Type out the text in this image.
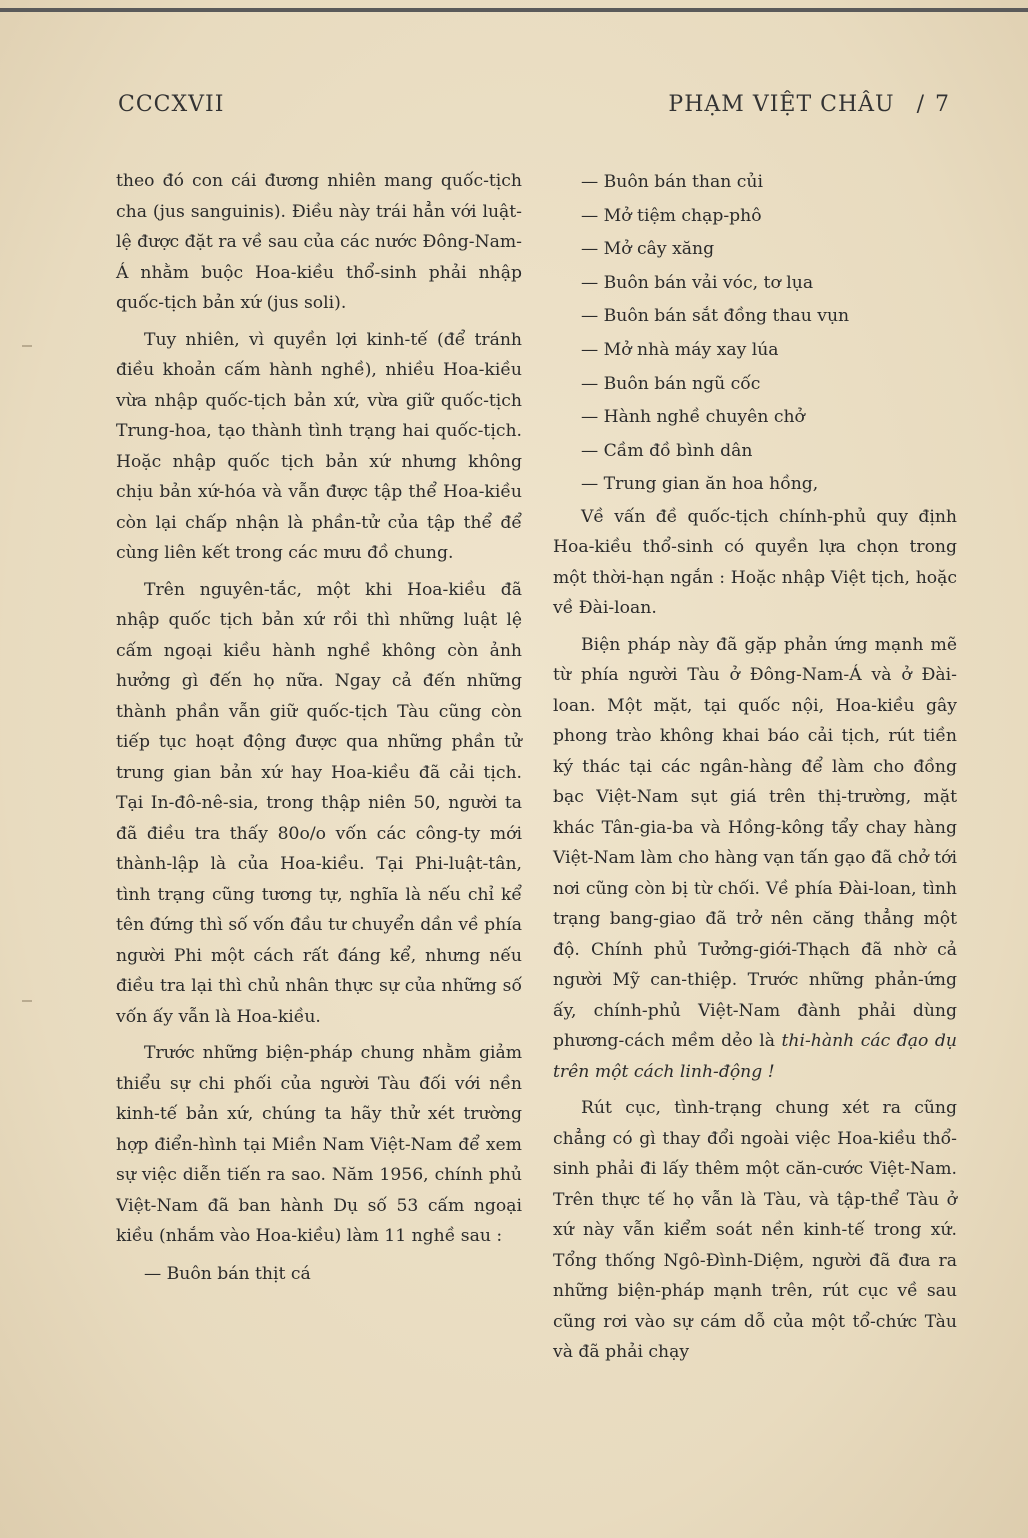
CCCXVII	PHẠM VIỆT CHÂU / 7

theo đó con cái đương nhiên mang quốc-tịch cha (jus sanguinis). Điều này trái hẳn với luật-lệ được đặt ra về sau của các nước Đông-Nam-Á nhằm buộc Hoa-kiều thổ-sinh phải nhập quốc-tịch bản xứ (jus soli).

Tuy nhiên, vì quyền lợi kinh-tế (để tránh điều khoản cấm hành nghề), nhiều Hoa-kiều vừa nhập quốc-tịch bản xứ, vừa giữ quốc-tịch Trung-hoa, tạo thành tình trạng hai quốc-tịch. Hoặc nhập quốc tịch bản xứ nhưng không chịu bản xứ-hóa và vẫn được tập thể Hoa-kiều còn lại chấp nhận là phần-tử của tập thể để cùng liên kết trong các mưu đồ chung.

Trên nguyên-tắc, một khi Hoa-kiều đã nhập quốc tịch bản xứ rồi thì những luật lệ cấm ngoại kiều hành nghề không còn ảnh hưởng gì đến họ nữa. Ngay cả đến những thành phần vẫn giữ quốc-tịch Tàu cũng còn tiếp tục hoạt động được qua những phần tử trung gian bản xứ hay Hoa-kiều đã cải tịch. Tại In-đô-nê-sia, trong thập niên 50, người ta đã điều tra thấy 80o/o vốn các công-ty mới thành-lập là của Hoa-kiều. Tại Phi-luật-tân, tình trạng cũng tương tự, nghĩa là nếu chỉ kể tên đứng thì số vốn đầu tư chuyển dần về phía người Phi một cách rất đáng kể, nhưng nếu điều tra lại thì chủ nhân thực sự của những số vốn ấy vẫn là Hoa-kiều.

Trước những biện-pháp chung nhằm giảm thiểu sự chi phối của người Tàu đối với nền kinh-tế bản xứ, chúng ta hãy thử xét trường hợp điển-hình tại Miền Nam Việt-Nam để xem sự việc diễn tiến ra sao. Năm 1956, chính phủ Việt-Nam đã ban hành Dụ số 53 cấm ngoại kiều (nhắm vào Hoa-kiều) làm 11 nghề sau :

— Buôn bán thịt cá
— Buôn bán than củi
— Mở tiệm chạp-phô
— Mở cây xăng
— Buôn bán vải vóc, tơ lụa
— Buôn bán sắt đồng thau vụn
— Mở nhà máy xay lúa
— Buôn bán ngũ cốc
— Hành nghề chuyên chở
— Cầm đồ bình dân
— Trung gian ăn hoa hồng,

Về vấn đề quốc-tịch chính-phủ quy định Hoa-kiều thổ-sinh có quyền lựa chọn trong một thời-hạn ngắn : Hoặc nhập Việt tịch, hoặc về Đài-loan.

Biện pháp này đã gặp phản ứng mạnh mẽ từ phía người Tàu ở Đông-Nam-Á và ở Đài-loan. Một mặt, tại quốc nội, Hoa-kiều gây phong trào không khai báo cải tịch, rút tiền ký thác tại các ngân-hàng để làm cho đồng bạc Việt-Nam sụt giá trên thị-trường, mặt khác Tân-gia-ba và Hồng-kông tẩy chay hàng Việt-Nam làm cho hàng vạn tấn gạo đã chở tới nơi cũng còn bị từ chối. Về phía Đài-loan, tình trạng bang-giao đã trở nên căng thẳng một độ. Chính phủ Tưởng-giới-Thạch đã nhờ cả người Mỹ can-thiệp. Trước những phản-ứng ấy, chính-phủ Việt-Nam đành phải dùng phương-cách mềm dẻo là thi-hành các đạo dụ trên một cách linh-động !

Rút cục, tình-trạng chung xét ra cũng chẳng có gì thay đổi ngoài việc Hoa-kiều thổ-sinh phải đi lấy thêm một căn-cước Việt-Nam. Trên thực tế họ vẫn là Tàu, và tập-thể Tàu ở xứ này vẫn kiểm soát nền kinh-tế trong xứ. Tổng thống Ngô-Đình-Diệm, người đã đưa ra những biện-pháp mạnh trên, rút cục về sau cũng rơi vào sự cám dỗ của một tổ-chức Tàu và đã phải chạy
